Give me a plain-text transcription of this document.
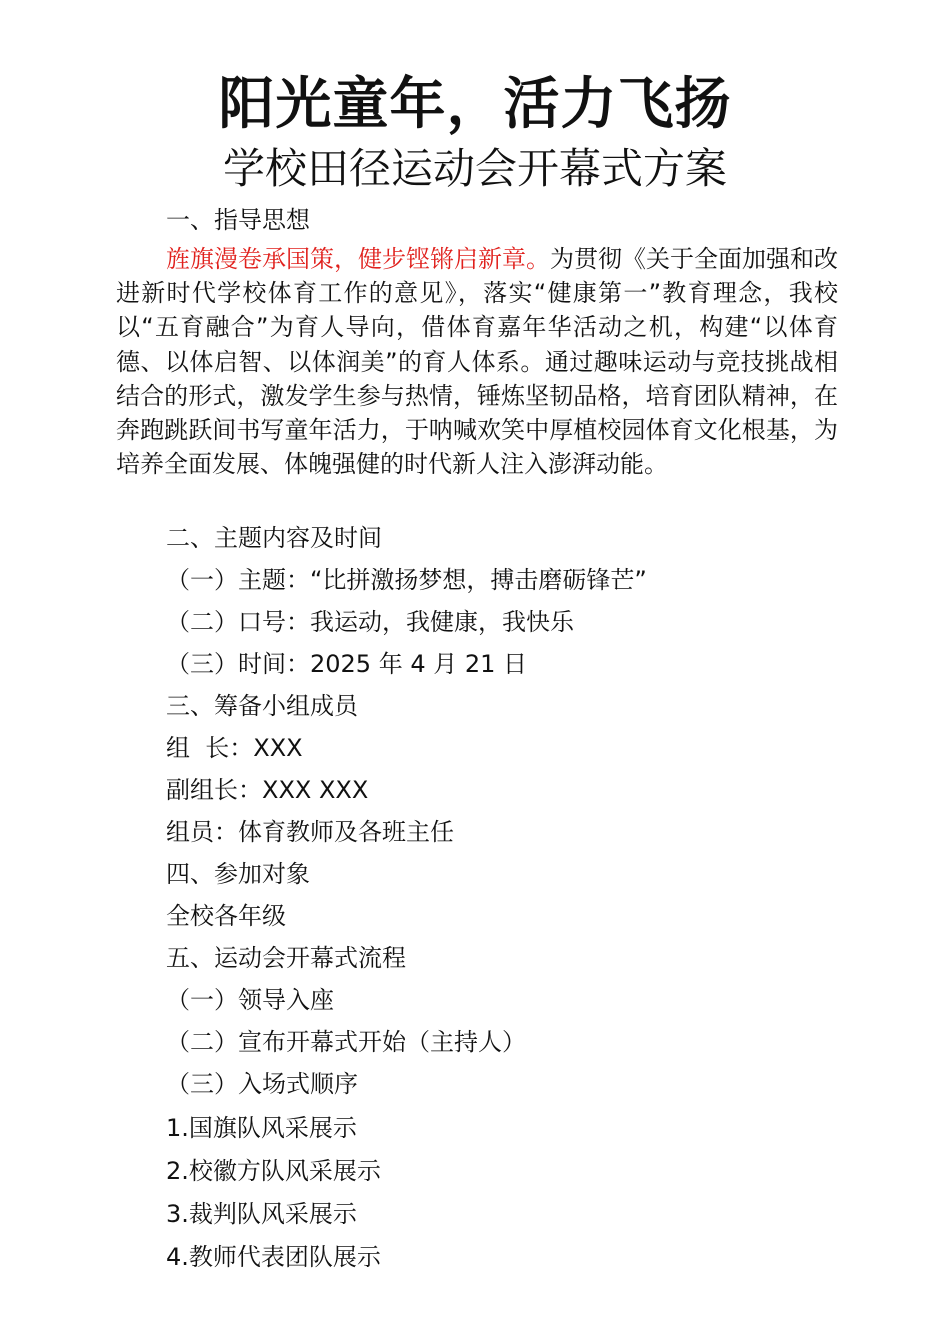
阳光童年，活力飞扬
学校田径运动会开幕式方案
一、指导思想
旌旗漫卷承国策，健步铿锵启新章。为贯彻《关于全面加强和改进新时代学校体育工作的意见》，落实“健康第一”教育理念，我校以“五育融合”为育人导向，借体育嘉年华活动之机，构建“以体育德、以体启智、以体润美”的育人体系。通过趣味运动与竞技挑战相结合的形式，激发学生参与热情，锤炼坚韧品格，培育团队精神，在奔跑跳跃间书写童年活力，于呐喊欢笑中厚植校园体育文化根基，为培养全面发展、体魄强健的时代新人注入澎湃动能。
二、主题内容及时间
（一）主题：“比拼激扬梦想，搏击磨砺锋芒”
（二）口号：我运动，我健康，我快乐
（三）时间：2025 年 4 月 21 日
三、筹备小组成员
组  长：XXX
副组长：XXX XXX
组员：体育教师及各班主任
四、参加对象
全校各年级
五、运动会开幕式流程
（一）领导入座
（二）宣布开幕式开始（主持人）
（三）入场式顺序
1.国旗队风采展示
2.校徽方队风采展示
3.裁判队风采展示
4.教师代表团队展示
